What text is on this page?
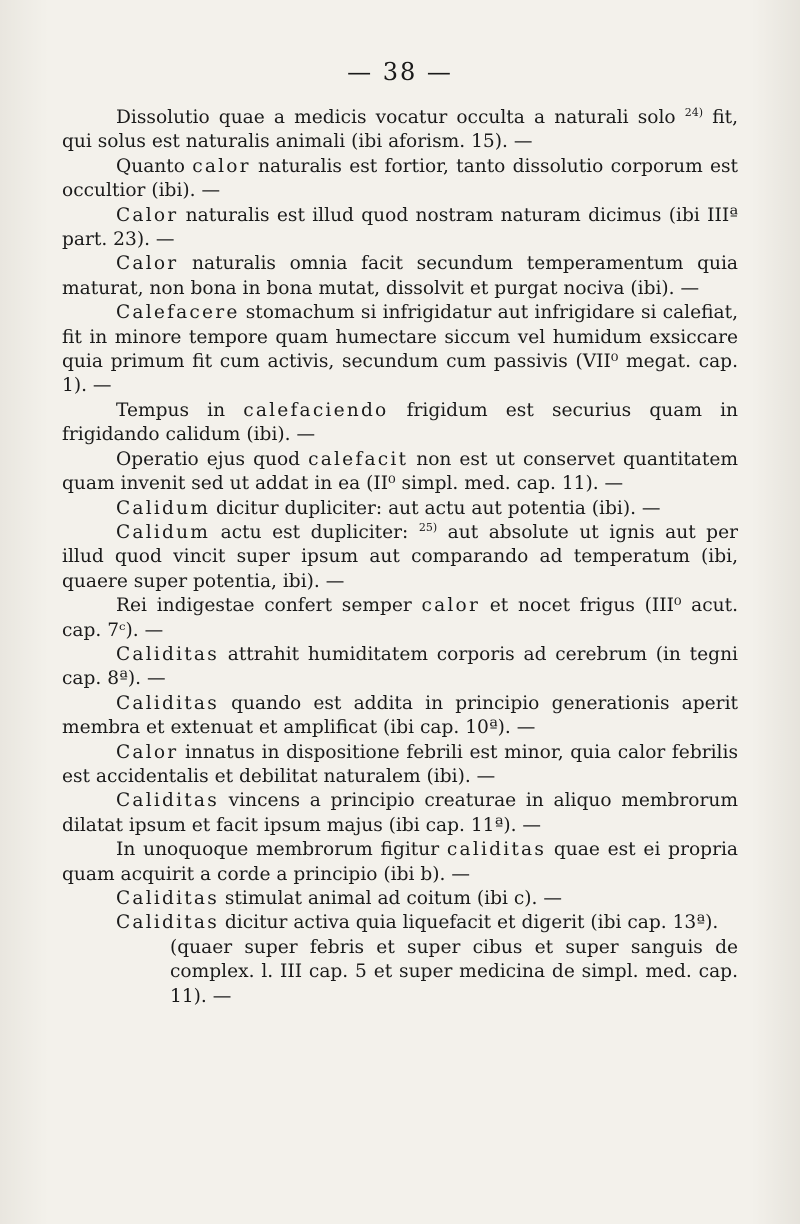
— 38 —

Dissolutio quae a medicis vocatur occulta a naturali solo $^{24)}$ fit, qui solus est naturalis animali (ibi aforism. 15). —

Quanto calor naturalis est fortior, tanto dissolutio corporum est occultior (ibi). —

Calor naturalis est illud quod nostram naturam dicimus (ibi IIIª part. 23). —

Calor naturalis omnia facit secundum temperamentum quia maturat, non bona in bona mutat, dissolvit et purgat nociva (ibi). —

Calefacere stomachum si infrigidatur aut infrigidare si calefiat, fit in minore tempore quam humectare siccum vel humidum exsiccare quia primum fit cum activis, secundum cum passivis (VII⁰ megat. cap. 1). —

Tempus in calefaciendo frigidum est securius quam in frigidando calidum (ibi). —

Operatio ejus quod calefacit non est ut conservet quantitatem quam invenit sed ut addat in ea (II⁰ simpl. med. cap. 11). —

Calidum dicitur dupliciter: aut actu aut potentia (ibi). —

Calidum actu est dupliciter: $^{25)}$ aut absolute ut ignis aut per illud quod vincit super ipsum aut comparando ad temperatum (ibi, quaere super potentia, ibi). —

Rei indigestae confert semper calor et nocet frigus (III⁰ acut. cap. 7ᶜ). —

Caliditas attrahit humiditatem corporis ad cerebrum (in tegni cap. 8ª). —

Caliditas quando est addita in principio generationis aperit membra et extenuat et amplificat (ibi cap. 10ª). —

Calor innatus in dispositione febrili est minor, quia calor febrilis est accidentalis et debilitat naturalem (ibi). —

Caliditas vincens a principio creaturae in aliquo membrorum dilatat ipsum et facit ipsum majus (ibi cap. 11ª). —

In unoquoque membrorum figitur caliditas quae est ei propria quam acquirit a corde a principio (ibi b). —

Caliditas stimulat animal ad coitum (ibi c). —

Caliditas dicitur activa quia liquefacit et digerit (ibi cap. 13ª).

(quaer super febris et super cibus et super sanguis de complex. l. III cap. 5 et super medicina de simpl. med. cap. 11). —
